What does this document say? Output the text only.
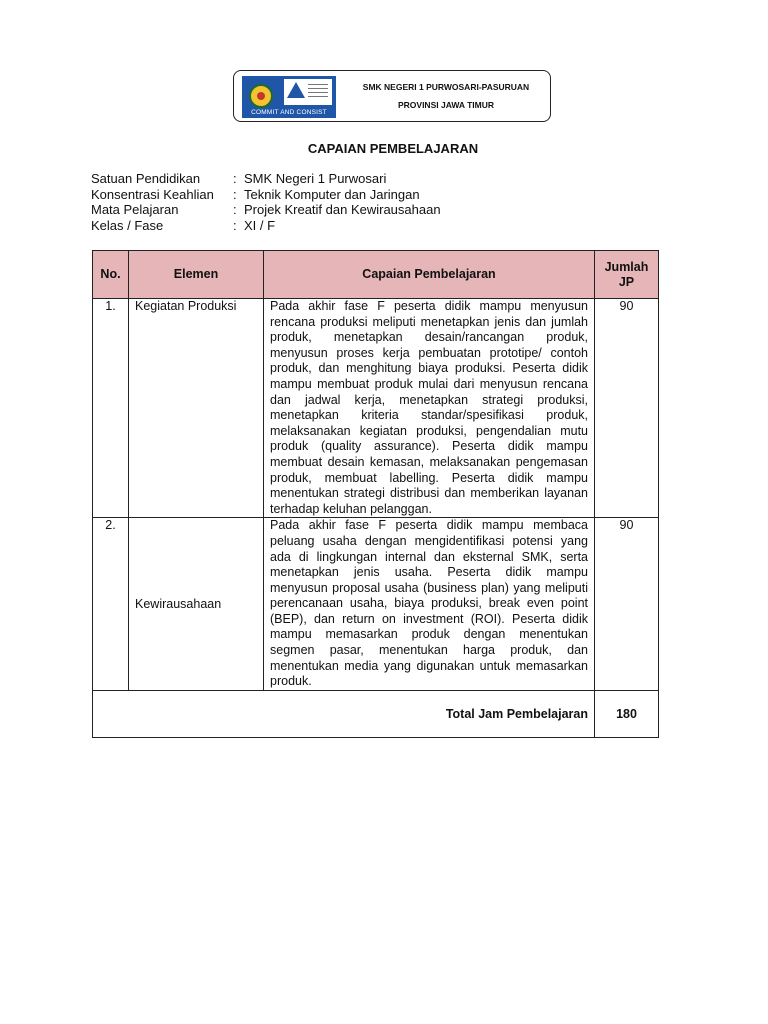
COMMIT AND CONSIST
SMK NEGERI 1 PURWOSARI-PASURUAN
PROVINSI JAWA TIMUR
CAPAIAN PEMBELAJARAN
Satuan Pendidikan	: SMK Negeri 1 Purwosari
Konsentrasi Keahlian : Teknik Komputer dan Jaringan
Mata Pelajaran	: Projek Kreatif dan Kewirausahaan
Kelas / Fase	: XI / F
No.	Elemen	Capaian Pembelajaran	Jumlah JP
1.	Kegiatan Produksi	Pada akhir fase F peserta didik mampu menyusun rencana produksi meliputi menetapkan jenis dan jumlah produk, menetapkan desain/rancangan produk, menyusun proses kerja pembuatan prototipe/ contoh produk, dan menghitung biaya produksi. Peserta didik mampu membuat produk mulai dari menyusun rencana dan jadwal kerja, menetapkan strategi produksi, menetapkan kriteria standar/spesifikasi produk, melaksanakan kegiatan produksi, pengendalian mutu produk (quality assurance). Peserta didik mampu membuat desain kemasan, melaksanakan pengemasan produk, membuat labelling. Peserta didik mampu menentukan strategi distribusi dan memberikan layanan terhadap keluhan pelanggan.	90
2.	Kewirausahaan	Pada akhir fase F peserta didik mampu membaca peluang usaha dengan mengidentifikasi potensi yang ada di lingkungan internal dan eksternal SMK, serta menetapkan jenis usaha. Peserta didik mampu menyusun proposal usaha (business plan) yang meliputi perencanaan usaha, biaya produksi, break even point (BEP), dan return on investment (ROI). Peserta didik mampu memasarkan produk dengan menentukan segmen pasar, menentukan harga produk, dan menentukan media yang digunakan untuk memasarkan produk.	90
Total Jam Pembelajaran			180
